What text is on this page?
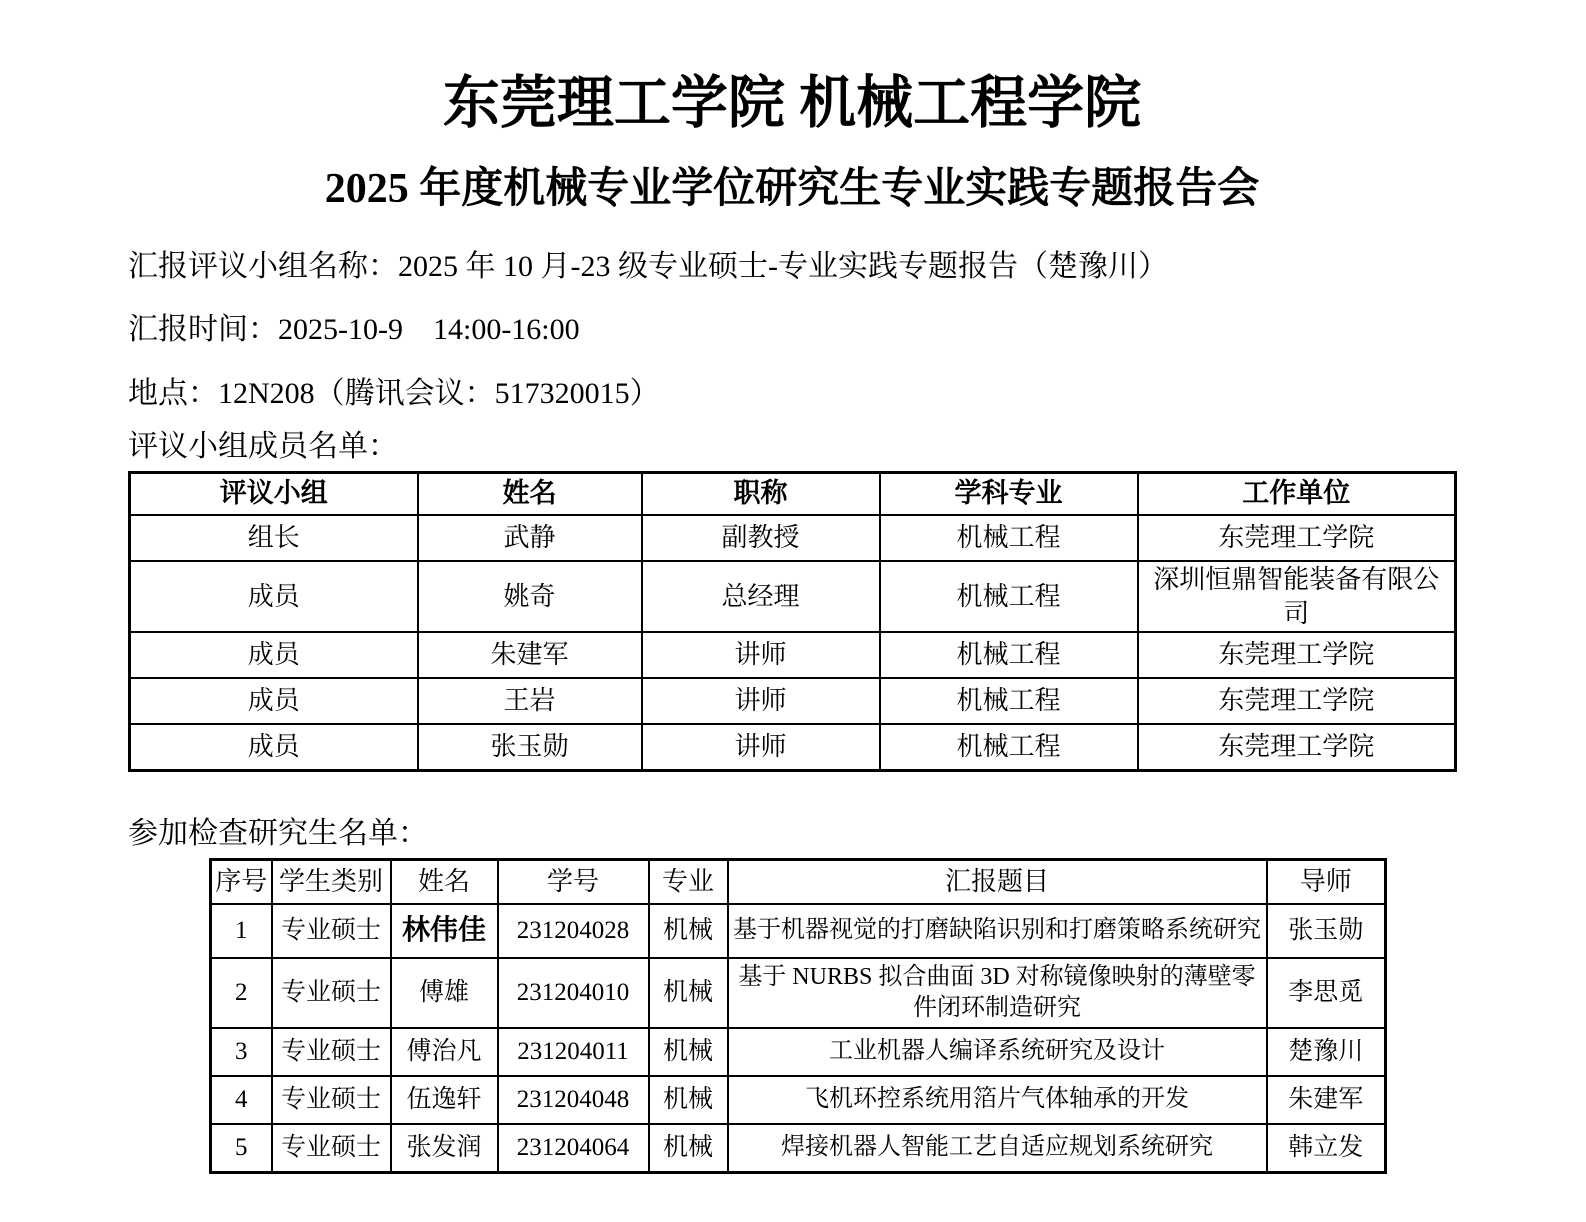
东莞理工学院 机械工程学院
2025 年度机械专业学位研究生专业实践专题报告会

汇报评议小组名称：2025 年 10 月-23 级专业硕士-专业实践专题报告（楚豫川）

汇报时间：2025-10-9    14:00-16:00

地点：12N208（腾讯会议：517320015）

评议小组成员名单：

评议小组	姓名	职称	学科专业	工作单位
组长	武静	副教授	机械工程	东莞理工学院
成员	姚奇	总经理	机械工程	深圳恒鼎智能装备有限公司
成员	朱建军	讲师	机械工程	东莞理工学院
成员	王岩	讲师	机械工程	东莞理工学院
成员	张玉勋	讲师	机械工程	东莞理工学院

参加检查研究生名单：

序号	学生类别	姓名	学号	专业	汇报题目	导师
1	专业硕士	林伟佳	231204028	机械	基于机器视觉的打磨缺陷识别和打磨策略系统研究	张玉勋
2	专业硕士	傅雄	231204010	机械	基于 NURBS 拟合曲面 3D 对称镜像映射的薄壁零件闭环制造研究	李思觅
3	专业硕士	傅治凡	231204011	机械	工业机器人编译系统研究及设计	楚豫川
4	专业硕士	伍逸轩	231204048	机械	飞机环控系统用箔片气体轴承的开发	朱建军
5	专业硕士	张发润	231204064	机械	焊接机器人智能工艺自适应规划系统研究	韩立发
